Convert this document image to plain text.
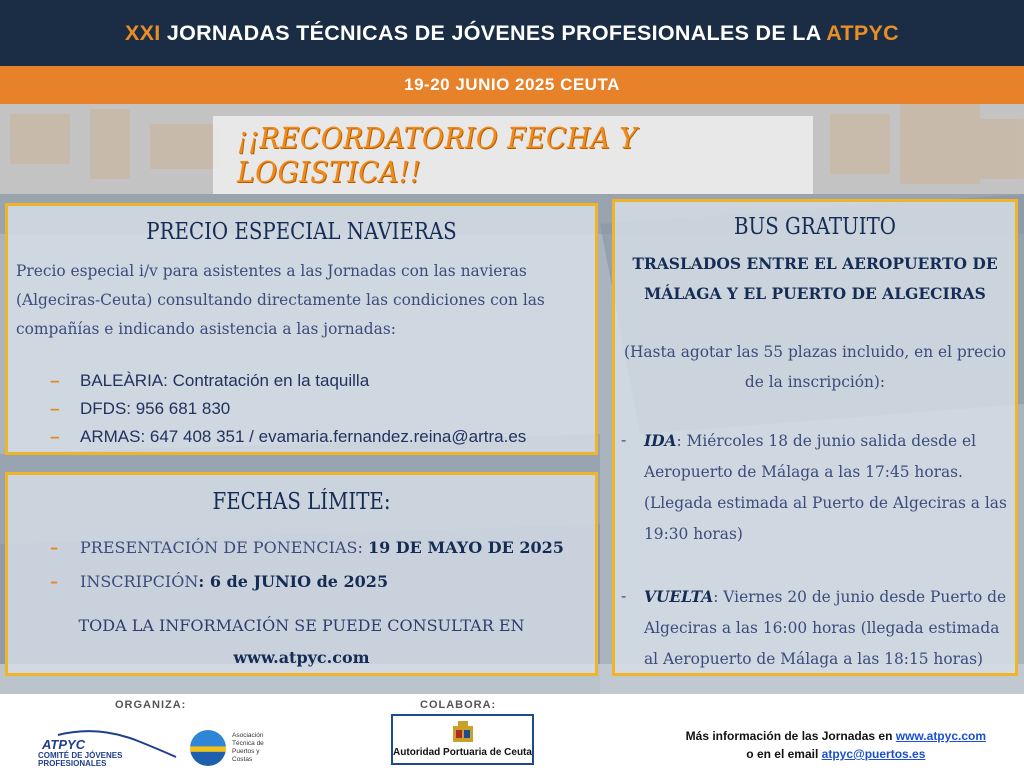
XXI JORNADAS TÉCNICAS DE JÓVENES PROFESIONALES DE LA ATPYC
19-20 JUNIO 2025 CEUTA
¡¡RECORDATORIO FECHA Y LOGISTICA!!
PRECIO ESPECIAL NAVIERAS
Precio especial i/v para asistentes a las Jornadas con las navieras
(Algeciras-Ceuta) consultando directamente las condiciones con las
compañías e indicando asistencia a las jornadas:
– BALEÀRIA: Contratación en la taquilla
– DFDS: 956 681 830
– ARMAS: 647 408 351 / evamaria.fernandez.reina@artra.es
FECHAS LÍMITE:
– PRESENTACIÓN DE PONENCIAS: 19 DE MAYO DE 2025
– INSCRIPCIÓN: 6 de JUNIO de 2025
TODA LA INFORMACIÓN SE PUEDE CONSULTAR EN
www.atpyc.com
BUS GRATUITO
TRASLADOS ENTRE EL AEROPUERTO DE
MÁLAGA Y EL PUERTO DE ALGECIRAS
(Hasta agotar las 55 plazas incluido, en el precio
de la inscripción):
- IDA: Miércoles 18 de junio salida desde el
Aeropuerto de Málaga a las 17:45 horas.
(Llegada estimada al Puerto de Algeciras a las
19:30 horas)
- VUELTA: Viernes 20 de junio desde Puerto de
Algeciras a las 16:00 horas (llegada estimada
al Aeropuerto de Málaga a las 18:15 horas)
ORGANIZA:	COLABORA:
ATPYC
COMITÉ DE JÓVENES
PROFESIONALES
Asociación Técnica de Puertos y Costas
Autoridad Portuaria de Ceuta
Más información de las Jornadas en www.atpyc.com
o en el email atpyc@puertos.es
